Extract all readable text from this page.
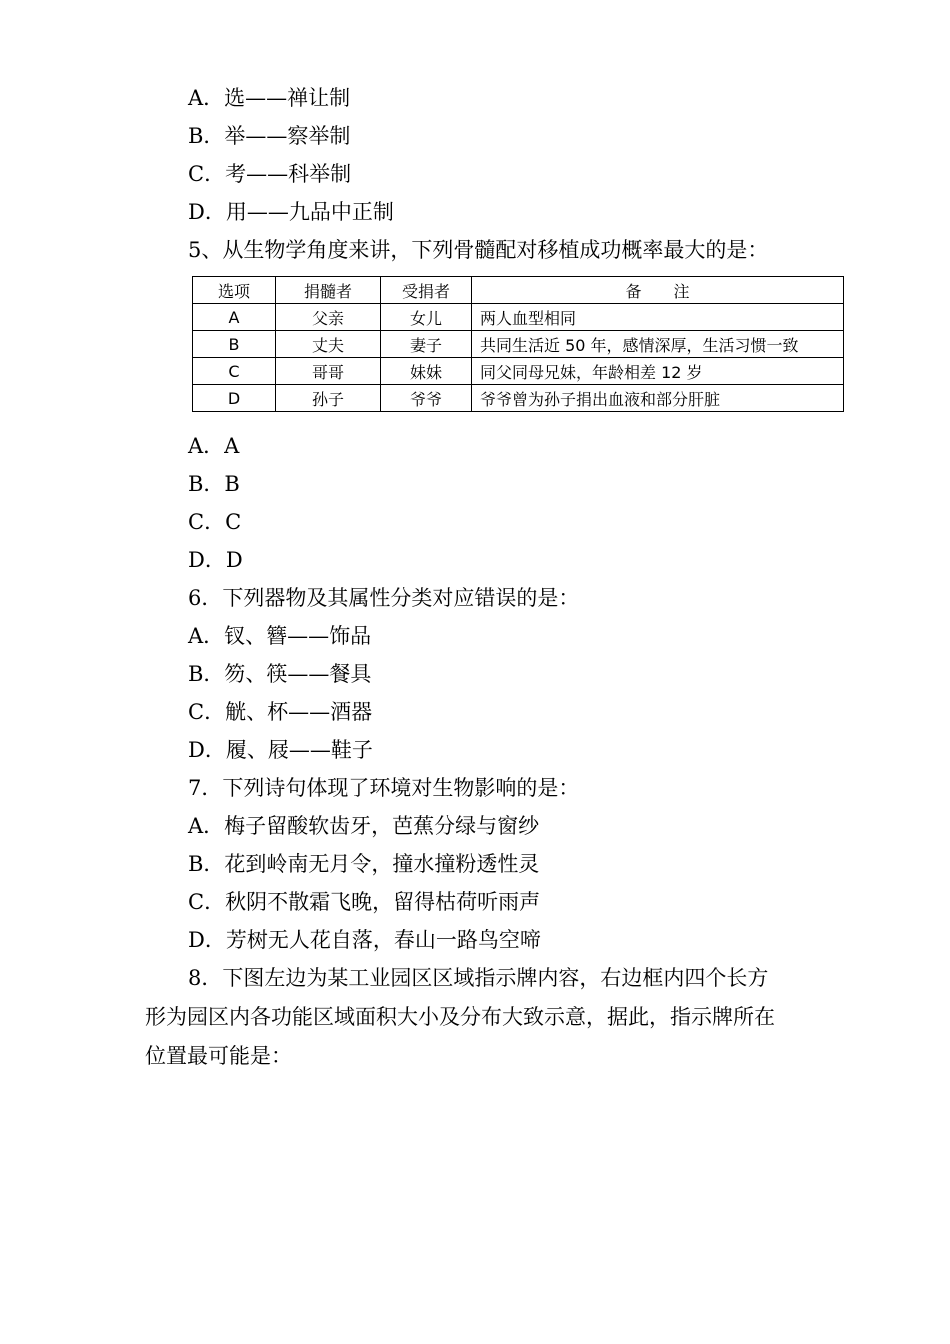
A．选——禅让制
B．举——察举制
C．考——科举制
D．用——九品中正制
5、从生物学角度来讲，下列骨髓配对移植成功概率最大的是：
选项	捐髓者	受捐者	备　　注
A	父亲	女儿	两人血型相同
B	丈夫	妻子	共同生活近 50 年，感情深厚，生活习惯一致
C	哥哥	妹妹	同父同母兄妹，年龄相差 12 岁
D	孙子	爷爷	爷爷曾为孙子捐出血液和部分肝脏
A．A
B．B
C．C
D．D
6．下列器物及其属性分类对应错误的是：
A．钗、簪——饰品
B．笏、筷——餐具
C．觥、杯——酒器
D．履、屐——鞋子
7．下列诗句体现了环境对生物影响的是：
A．梅子留酸软齿牙，芭蕉分绿与窗纱
B．花到岭南无月令，撞水撞粉透性灵
C．秋阴不散霜飞晚，留得枯荷听雨声
D．芳树无人花自落，春山一路鸟空啼
8．下图左边为某工业园区区域指示牌内容，右边框内四个长方
形为园区内各功能区域面积大小及分布大致示意，据此，指示牌所在
位置最可能是：
